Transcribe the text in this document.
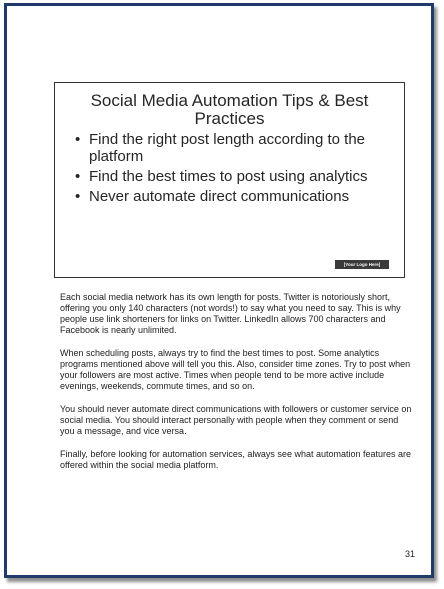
Social Media Automation Tips & Best Practices
• Find the right post length according to the platform
• Find the best times to post using analytics
• Never automate direct communications
[Your Logo Here]

Each social media network has its own length for posts. Twitter is notoriously short, offering you only 140 characters (not words!) to say what you need to say. This is why people use link shorteners for links on Twitter. LinkedIn allows 700 characters and Facebook is nearly unlimited.

When scheduling posts, always try to find the best times to post. Some analytics programs mentioned above will tell you this. Also, consider time zones. Try to post when your followers are most active. Times when people tend to be more active include evenings, weekends, commute times, and so on.

You should never automate direct communications with followers or customer service on social media. You should interact personally with people when they comment or send you a message, and vice versa.

Finally, before looking for automation services, always see what automation features are offered within the social media platform.

31
